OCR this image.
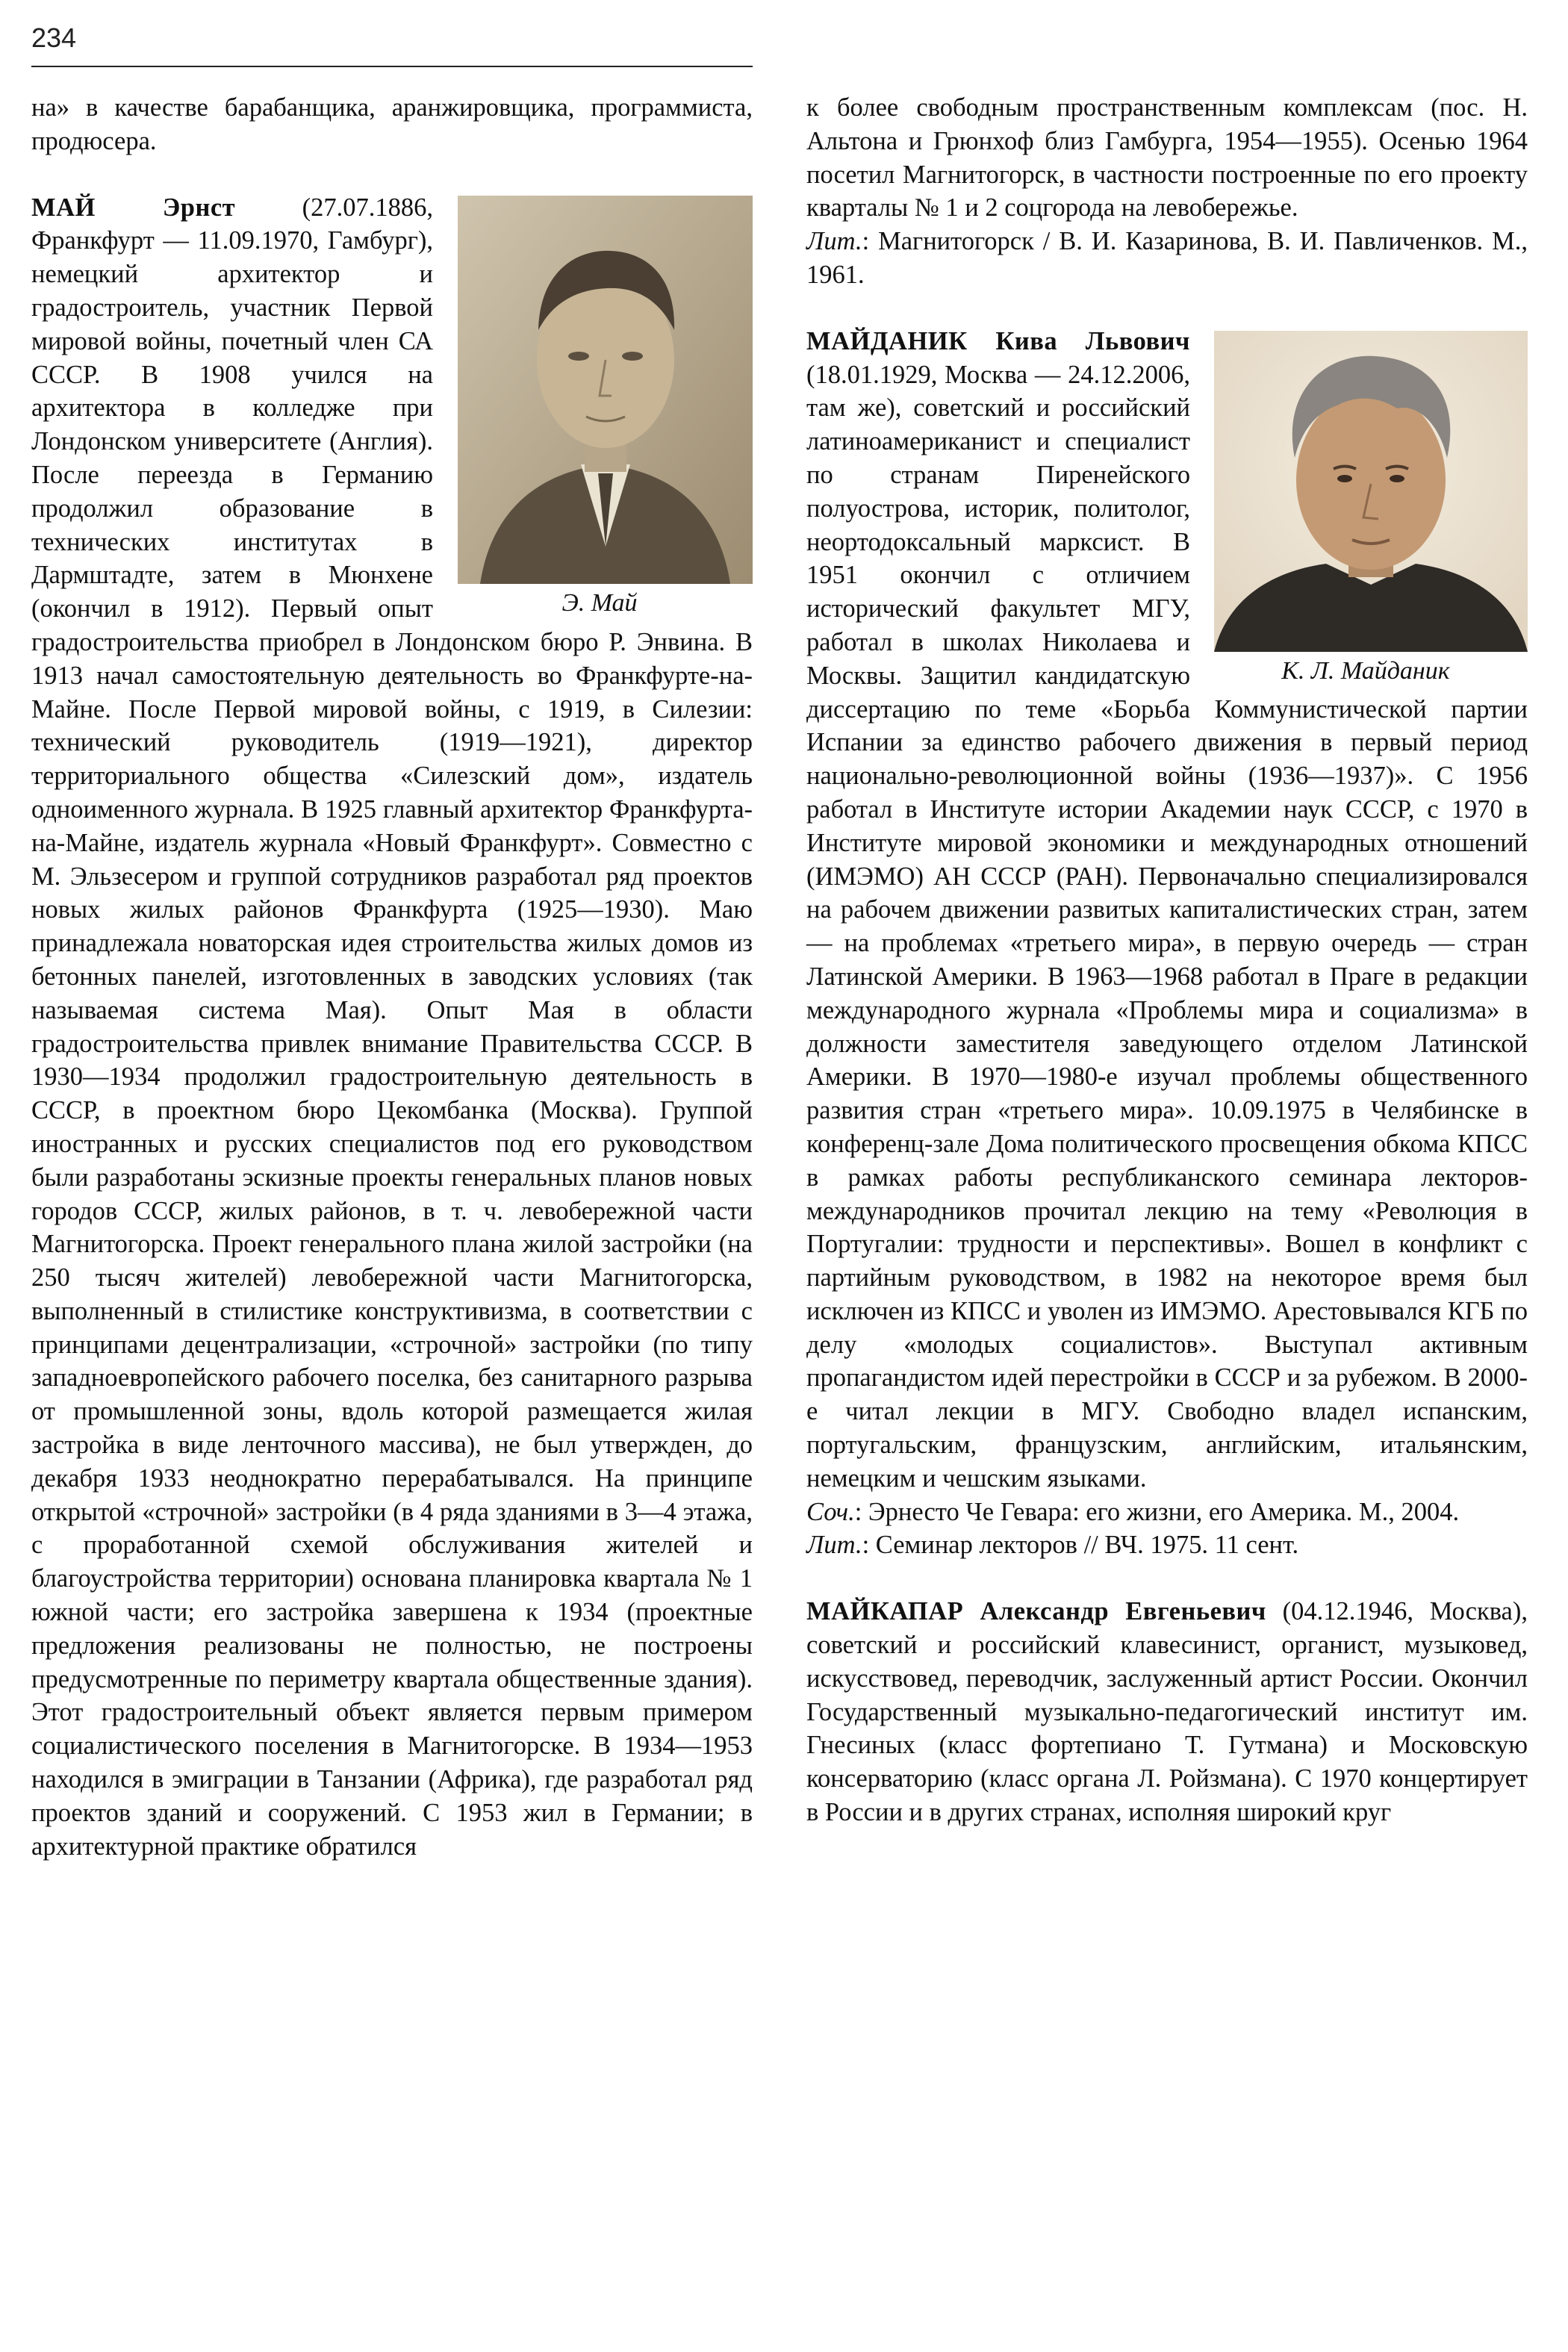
234

на» в качестве барабанщика, аранжировщика, программиста, продюсера.

Э. Май

МАЙ Эрнст (27.07.1886, Франкфурт — 11.09.1970, Гамбург), немецкий архитектор и градостроитель, участник Первой мировой войны, почетный член СА СССР. В 1908 учился на архитектора в колледже при Лондонском университете (Англия). После переезда в Германию продолжил образование в технических институтах в Дармштадте, затем в Мюнхене (окончил в 1912). Первый опыт градостроительства приобрел в Лондонском бюро Р. Энвина. В 1913 начал самостоятельную деятельность во Франкфурте-на-Майне. После Первой мировой войны, с 1919, в Силезии: технический руководитель (1919—1921), директор территориального общества «Силезский дом», издатель одноименного журнала. В 1925 главный архитектор Франкфурта-на-Майне, издатель журнала «Новый Франкфурт». Совместно с М. Эльзесером и группой сотрудников разработал ряд проектов новых жилых районов Франкфурта (1925—1930). Маю принадлежала новаторская идея строительства жилых домов из бетонных панелей, изготовленных в заводских условиях (так называемая система Мая). Опыт Мая в области градостроительства привлек внимание Правительства СССР. В 1930—1934 продолжил градостроительную деятельность в СССР, в проектном бюро Цекомбанка (Москва). Группой иностранных и русских специалистов под его руководством были разработаны эскизные проекты генеральных планов новых городов СССР, жилых районов, в т. ч. левобережной части Магнитогорска. Проект генерального плана жилой застройки (на 250 тысяч жителей) левобережной части Магнитогорска, выполненный в стилистике конструктивизма, в соответствии с принципами децентрализации, «строчной» застройки (по типу западноевропейского рабочего поселка, без санитарного разрыва от промышленной зоны, вдоль которой размещается жилая застройка в виде ленточного массива), не был утвержден, до декабря 1933 неоднократно перерабатывался. На принципе открытой «строчной» застройки (в 4 ряда зданиями в 3—4 этажа, с проработанной схемой обслуживания жителей и благоустройства территории) основана планировка квартала № 1 южной части; его застройка завершена к 1934 (проектные предложения реализованы не полностью, не построены предусмотренные по периметру квартала общественные здания). Этот градостроительный объект является первым примером социалистического поселения в Магнитогорске. В 1934—1953 находился в эмиграции в Танзании (Африка), где разработал ряд проектов зданий и сооружений. С 1953 жил в Германии; в архитектурной практике обратился

к более свободным пространственным комплексам (пос. Н. Альтона и Грюнхоф близ Гамбурга, 1954—1955). Осенью 1964 посетил Магнитогорск, в частности построенные по его проекту кварталы № 1 и 2 соцгорода на левобережье.

Лит.: Магнитогорск / В. И. Казаринова, В. И. Павличенков. М., 1961.

К. Л. Майданик

МАЙДАНИК Кива Львович (18.01.1929, Москва — 24.12.2006, там же), советский и российский латиноамериканист и специалист по странам Пиренейского полуострова, историк, политолог, неортодоксальный марксист. В 1951 окончил с отличием исторический факультет МГУ, работал в школах Николаева и Москвы. Защитил кандидатскую диссертацию по теме «Борьба Коммунистической партии Испании за единство рабочего движения в первый период национально-революционной войны (1936—1937)». С 1956 работал в Институте истории Академии наук СССР, с 1970 в Институте мировой экономики и международных отношений (ИМЭМО) АН СССР (РАН). Первоначально специализировался на рабочем движении развитых капиталистических стран, затем — на проблемах «третьего мира», в первую очередь — стран Латинской Америки. В 1963—1968 работал в Праге в редакции международного журнала «Проблемы мира и социализма» в должности заместителя заведующего отделом Латинской Америки. В 1970—1980-е изучал проблемы общественного развития стран «третьего мира». 10.09.1975 в Челябинске в конференц-зале Дома политического просвещения обкома КПСС в рамках работы республиканского семинара лекторов-международников прочитал лекцию на тему «Революция в Португалии: трудности и перспективы». Вошел в конфликт с партийным руководством, в 1982 на некоторое время был исключен из КПСС и уволен из ИМЭМО. Арестовывался КГБ по делу «молодых социалистов». Выступал активным пропагандистом идей перестройки в СССР и за рубежом. В 2000-е читал лекции в МГУ. Свободно владел испанским, португальским, французским, английским, итальянским, немецким и чешским языками.

Соч.: Эрнесто Че Гевара: его жизни, его Америка. М., 2004.

Лит.: Семинар лекторов // ВЧ. 1975. 11 сент.

МАЙКАПАР Александр Евгеньевич (04.12.1946, Москва), советский и российский клавесинист, органист, музыковед, искусствовед, переводчик, заслуженный артист России. Окончил Государственный музыкально-педагогический институт им. Гнесиных (класс фортепиано Т. Гутмана) и Московскую консерваторию (класс органа Л. Ройзмана). С 1970 концертирует в России и в других странах, исполняя широкий круг
